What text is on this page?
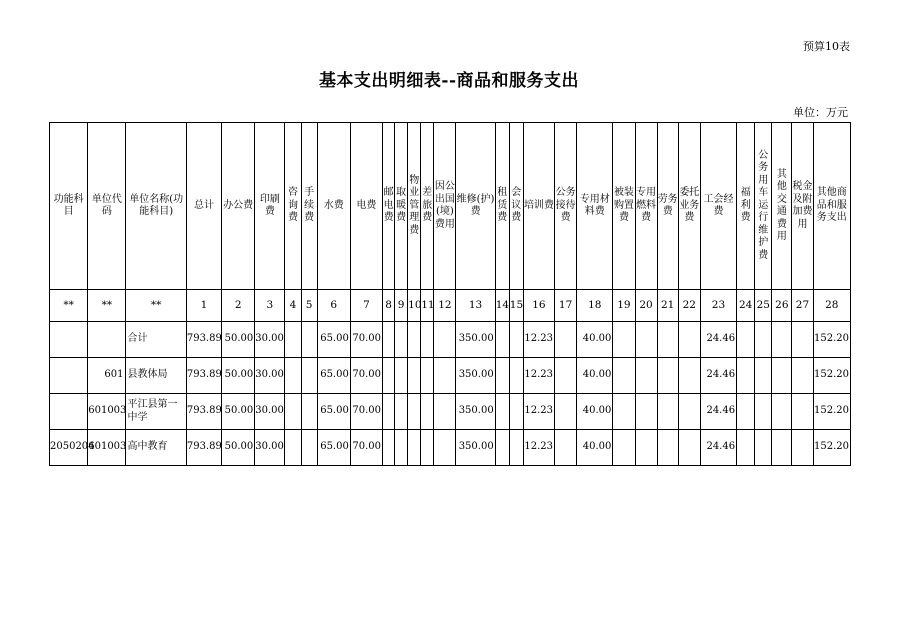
预算10表
基本支出明细表--商品和服务支出
单位：万元
功能科目	单位代码	单位名称(功能科目)	总计	办公费	印刷费	咨询费	手续费	水费	电费	邮电费	取暖费	物业管理费	差旅费	因公出国(境)费用	维修(护)费	租赁费	会议费	培训费	公务接待费	专用材料费	被装购置费	专用燃料费	劳务费	委托业务费	工会经费	福利费	公务用车运行维护费	其他交通费用	税金及附加费用	其他商品和服务支出
**	**	**	1	2	3	4	5	6	7	8	9	10	11	12	13	14	15	16	17	18	19	20	21	22	23	24	25	26	27	28
		合计	793.89	50.00	30.00			65.00	70.00						350.00			12.23		40.00					24.46					152.20
	601	县教体局	793.89	50.00	30.00			65.00	70.00						350.00			12.23		40.00					24.46					152.20
	601003	平江县第一中学	793.89	50.00	30.00			65.00	70.00						350.00			12.23		40.00					24.46					152.20
2050204	601003	高中教育	793.89	50.00	30.00			65.00	70.00						350.00			12.23		40.00					24.46					152.20
